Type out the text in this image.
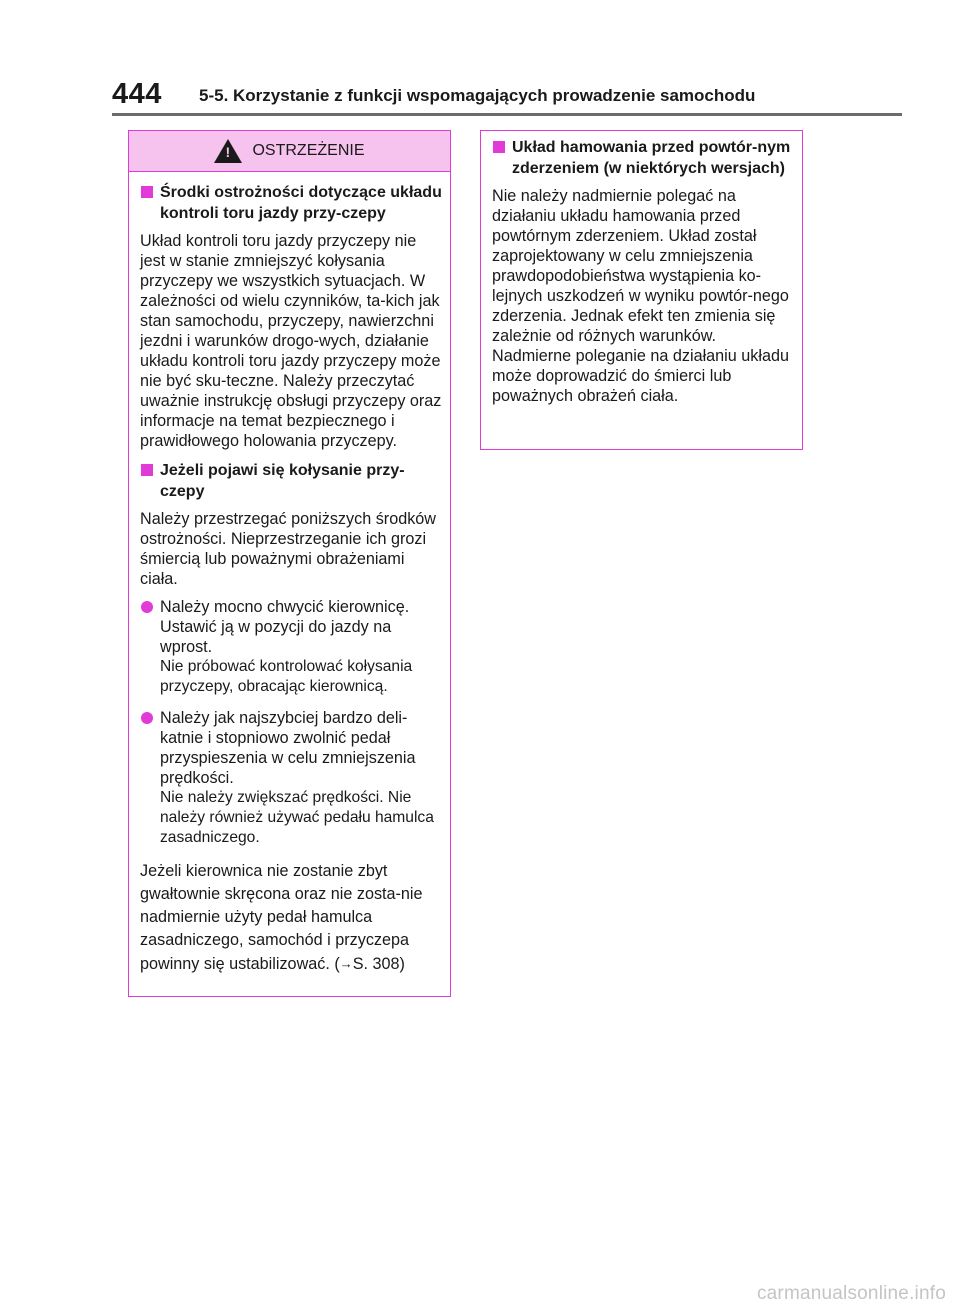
444 5-5. Korzystanie z funkcji wspomagających prowadzenie samochodu
! OSTRZEŻENIE
Środki ostrożności dotyczące układu kontroli toru jazdy przy-czepy

Układ kontroli toru jazdy przyczepy nie jest w stanie zmniejszyć kołysania przyczepy we wszystkich sytuacjach. W zależności od wielu czynników, ta-kich jak stan samochodu, przyczepy, nawierzchni jezdni i warunków drogo-wych, działanie układu kontroli toru jazdy przyczepy może nie być sku-teczne. Należy przeczytać uważnie instrukcję obsługi przyczepy oraz informacje na temat bezpiecznego i prawidłowego holowania przyczepy.

Jeżeli pojawi się kołysanie przy-czepy

Należy przestrzegać poniższych środków ostrożności. Nieprzestrzeganie ich grozi śmiercią lub poważnymi obrażeniami ciała.

Należy mocno chwycić kierownicę. Ustawić ją w pozycji do jazdy na wprost.
Nie próbować kontrolować kołysania przyczepy, obracając kierownicą.
Należy jak najszybciej bardzo deli-katnie i stopniowo zwolnić pedał przyspieszenia w celu zmniejszenia prędkości.
Nie należy zwiększać prędkości. Nie należy również używać pedału hamulca zasadniczego.

Jeżeli kierownica nie zostanie zbyt gwałtownie skręcona oraz nie zosta-nie nadmiernie użyty pedał hamulca zasadniczego, samochód i przyczepa powinny się ustabilizować. (→S. 308)

Układ hamowania przed powtór-nym zderzeniem (w niektórych wersjach)

Nie należy nadmiernie polegać na działaniu układu hamowania przed powtórnym zderzeniem. Układ został zaprojektowany w celu zmniejszenia prawdopodobieństwa wystąpienia ko-lejnych uszkodzeń w wyniku powtór-nego zderzenia. Jednak efekt ten zmienia się zależnie od różnych warunków. Nadmierne poleganie na działaniu układu może doprowadzić do śmierci lub poważnych obrażeń ciała.

carmanualsonline.info
